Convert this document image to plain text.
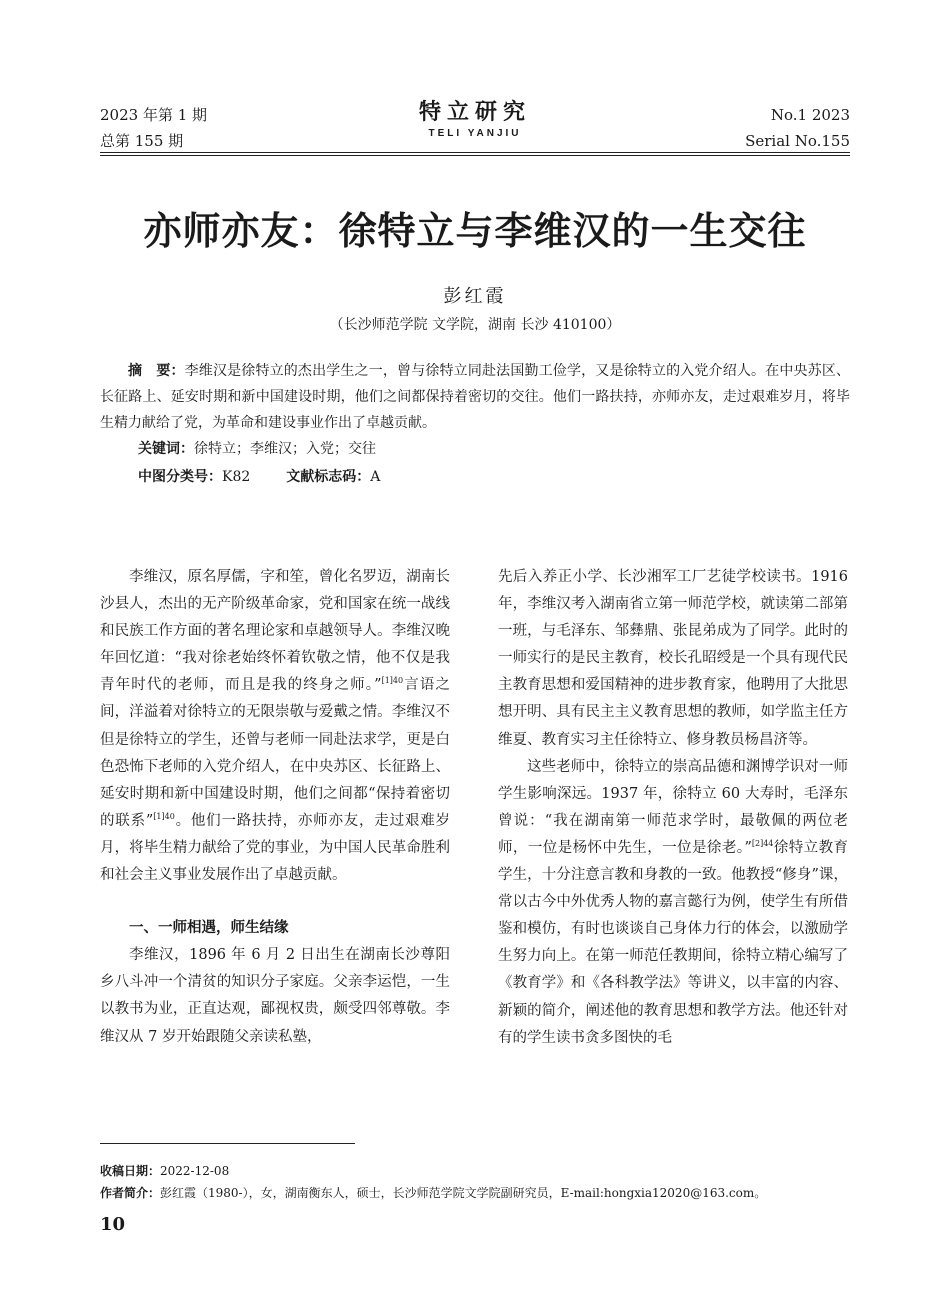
2023 年第 1 期
总第 155 期
特立研究
TELI YANJIU
No.1 2023
Serial No.155
亦师亦友：徐特立与李维汉的一生交往
彭红霞
（长沙师范学院 文学院，湖南 长沙 410100）
摘　要：李维汉是徐特立的杰出学生之一，曾与徐特立同赴法国勤工俭学，又是徐特立的入党介绍人。在中央苏区、长征路上、延安时期和新中国建设时期，他们之间都保持着密切的交往。他们一路扶持，亦师亦友，走过艰难岁月，将毕生精力献给了党，为革命和建设事业作出了卓越贡献。
关键词：徐特立；李维汉；入党；交往
中图分类号：K82	文献标志码：A

李维汉，原名厚儒，字和笙，曾化名罗迈，湖南长沙县人，杰出的无产阶级革命家，党和国家在统一战线和民族工作方面的著名理论家和卓越领导人。李维汉晚年回忆道：“我对徐老始终怀着钦敬之情，他不仅是我青年时代的老师，而且是我的终身之师。”$^{[1]40}$言语之间，洋溢着对徐特立的无限崇敬与爱戴之情。李维汉不但是徐特立的学生，还曾与老师一同赴法求学，更是白色恐怖下老师的入党介绍人，在中央苏区、长征路上、延安时期和新中国建设时期，他们之间都“保持着密切的联系”$^{[1]40}$。他们一路扶持，亦师亦友，走过艰难岁月，将毕生精力献给了党的事业，为中国人民革命胜利和社会主义事业发展作出了卓越贡献。

一、一师相遇，师生结缘

李维汉，1896 年 6 月 2 日出生在湖南长沙尊阳乡八斗冲一个清贫的知识分子家庭。父亲李运恺，一生以教书为业，正直达观，鄙视权贵，颇受四邻尊敬。李维汉从 7 岁开始跟随父亲读私塾，

先后入养正小学、长沙湘军工厂艺徒学校读书。1916 年，李维汉考入湖南省立第一师范学校，就读第二部第一班，与毛泽东、邹彝鼎、张昆弟成为了同学。此时的一师实行的是民主教育，校长孔昭绶是一个具有现代民主教育思想和爱国精神的进步教育家，他聘用了大批思想开明、具有民主主义教育思想的教师，如学监主任方维夏、教育实习主任徐特立、修身教员杨昌济等。

这些老师中，徐特立的崇高品德和渊博学识对一师学生影响深远。1937 年，徐特立 60 大寿时，毛泽东曾说：“我在湖南第一师范求学时，最敬佩的两位老师，一位是杨怀中先生，一位是徐老。”$^{[2]44}$徐特立教育学生，十分注意言教和身教的一致。他教授“修身”课，常以古今中外优秀人物的嘉言懿行为例，使学生有所借鉴和模仿，有时也谈谈自己身体力行的体会，以激励学生努力向上。在第一师范任教期间，徐特立精心编写了《教育学》和《各科教学法》等讲义，以丰富的内容、新颖的简介，阐述他的教育思想和教学方法。他还针对有的学生读书贪多图快的毛

收稿日期：2022-12-08
作者简介：彭红霞（1980-），女，湖南衡东人，硕士，长沙师范学院文学院副研究员，E-mail:hongxia12020@163.com。
10
